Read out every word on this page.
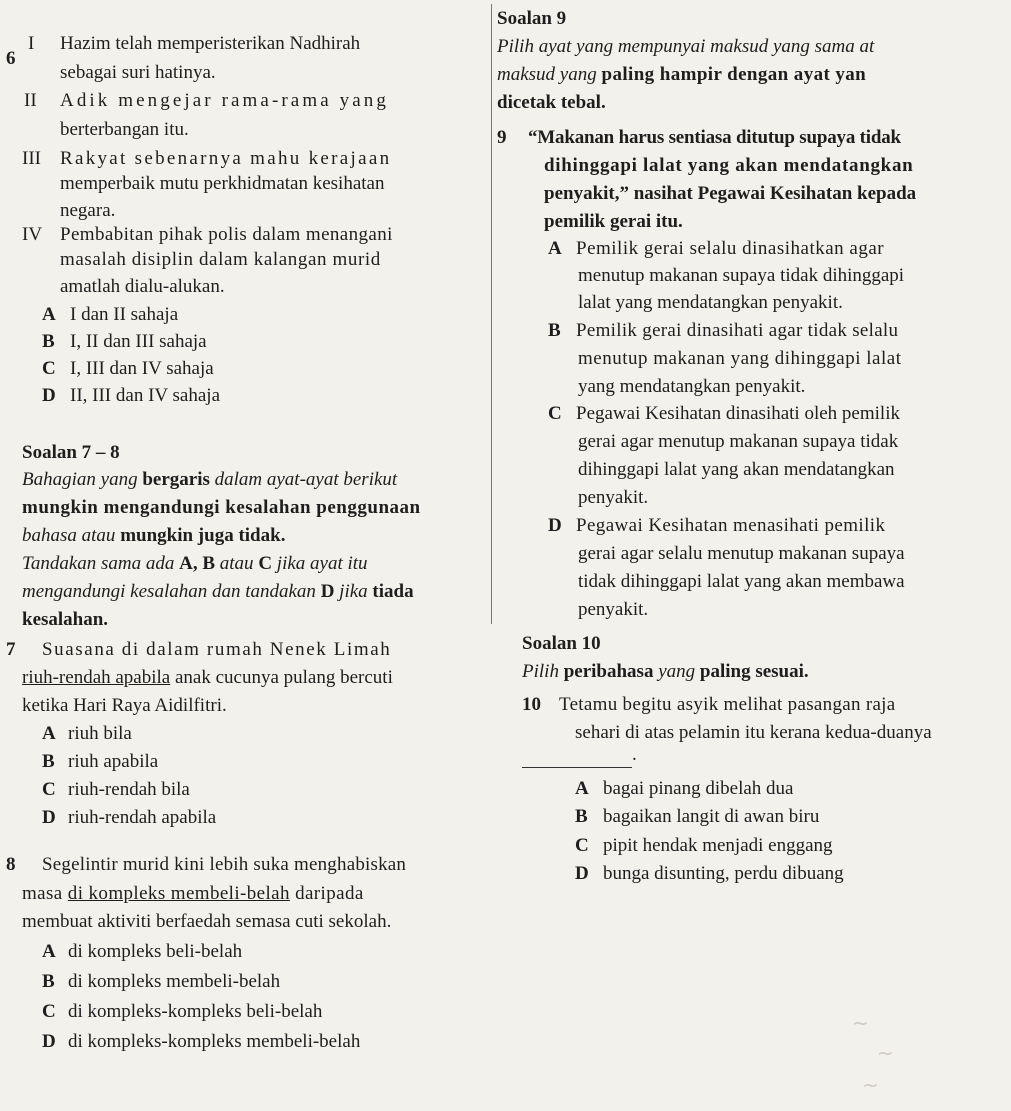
6
I Hazim telah memperisterikan Nadhirah
sebagai suri hatinya.
II Adik mengejar rama-rama yang
berterbangan itu.
III Rakyat sebenarnya mahu kerajaan
memperbaik mutu perkhidmatan kesihatan
negara.
IV Pembabitan pihak polis dalam menangani
masalah disiplin dalam kalangan murid
amatlah dialu-alukan.
A I dan II sahaja
B I, II dan III sahaja
C I, III dan IV sahaja
D II, III dan IV sahaja
Soalan 7 – 8
Bahagian yang bergaris dalam ayat-ayat berikut
mungkin mengandungi kesalahan penggunaan
bahasa atau mungkin juga tidak.
Tandakan sama ada A, B atau C jika ayat itu
mengandungi kesalahan dan tandakan D jika tiada
kesalahan.
7 Suasana di dalam rumah Nenek Limah
riuh-rendah apabila anak cucunya pulang bercuti
ketika Hari Raya Aidilfitri.
A riuh bila
B riuh apabila
C riuh-rendah bila
D riuh-rendah apabila
8 Segelintir murid kini lebih suka menghabiskan
masa di kompleks membeli-belah daripada
membuat aktiviti berfaedah semasa cuti sekolah.
A di kompleks beli-belah
B di kompleks membeli-belah
C di kompleks-kompleks beli-belah
D di kompleks-kompleks membeli-belah
Soalan 9
Pilih ayat yang mempunyai maksud yang sama at
maksud yang paling hampir dengan ayat yan
dicetak tebal.
9 “Makanan harus sentiasa ditutup supaya tidak
dihinggapi lalat yang akan mendatangkan
penyakit,” nasihat Pegawai Kesihatan kepada
pemilik gerai itu.
A Pemilik gerai selalu dinasihatkan agar
menutup makanan supaya tidak dihinggapi
lalat yang mendatangkan penyakit.
B Pemilik gerai dinasihati agar tidak selalu
menutup makanan yang dihinggapi lalat
yang mendatangkan penyakit.
C Pegawai Kesihatan dinasihati oleh pemilik
gerai agar menutup makanan supaya tidak
dihinggapi lalat yang akan mendatangkan
penyakit.
D Pegawai Kesihatan menasihati pemilik
gerai agar selalu menutup makanan supaya
tidak dihinggapi lalat yang akan membawa
penyakit.
Soalan 10
Pilih peribahasa yang paling sesuai.
10 Tetamu begitu asyik melihat pasangan raja
sehari di atas pelamin itu kerana kedua-duanya
.
A bagai pinang dibelah dua
B bagaikan langit di awan biru
C pipit hendak menjadi enggang
D bunga disunting, perdu dibuang
~
~
~
